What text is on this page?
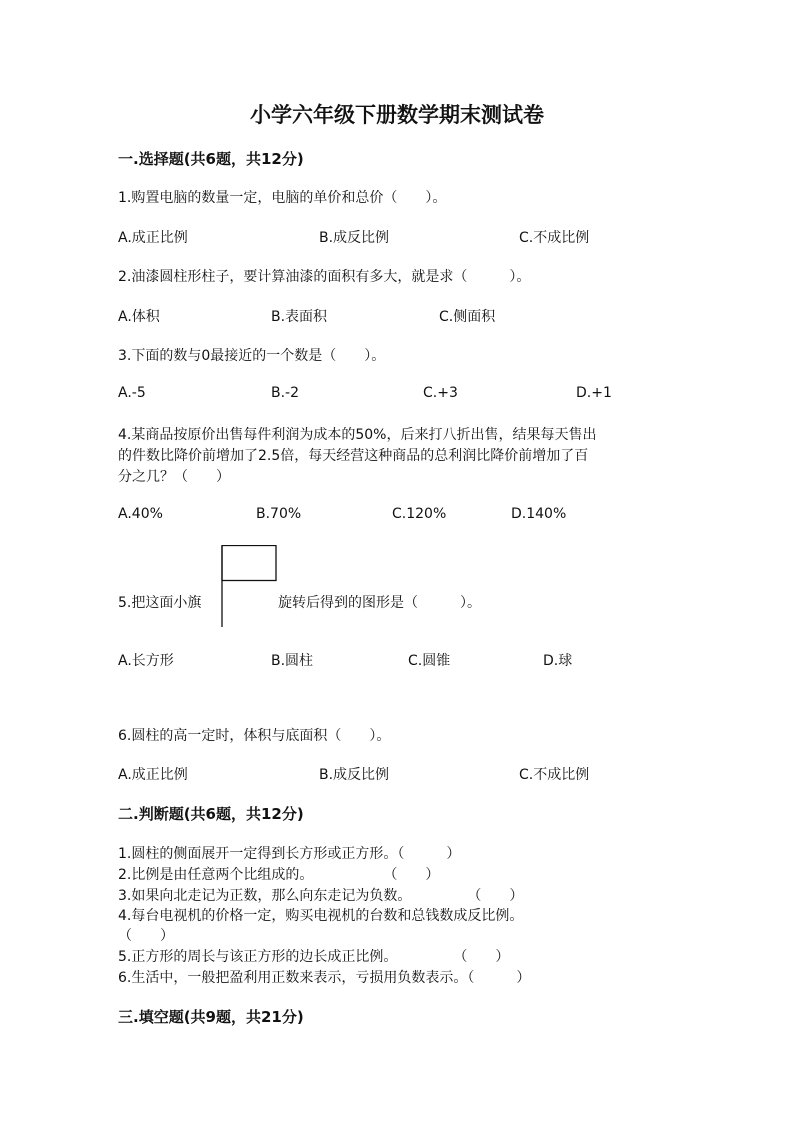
小学六年级下册数学期末测试卷
一.选择题(共6题，共12分)
1.购置电脑的数量一定，电脑的单价和总价（　　）。
A.成正比例	B.成反比例	C.不成比例
2.油漆圆柱形柱子，要计算油漆的面积有多大，就是求（　　　）。
A.体积	B.表面积	C.侧面积
3.下面的数与0最接近的一个数是（　　）。
A.-5	B.-2	C.+3	D.+1
4.某商品按原价出售每件利润为成本的50%，后来打八折出售，结果每天售出
的件数比降价前增加了2.5倍，每天经营这种商品的总利润比降价前增加了百
分之几？（　　）
A.40%	B.70%	C.120%	D.140%
5.把这面小旗	旋转后得到的图形是（　　　）。
A.长方形	B.圆柱	C.圆锥	D.球
6.圆柱的高一定时，体积与底面积（　　）。
A.成正比例	B.成反比例	C.不成比例
二.判断题(共6题，共12分)
1.圆柱的侧面展开一定得到长方形或正方形。（　　　）
2.比例是由任意两个比组成的。　　　　　　（　　）
3.如果向北走记为正数，那么向东走记为负数。　　　　　（　　）
4.每台电视机的价格一定，购买电视机的台数和总钱数成反比例。
（　　）
5.正方形的周长与该正方形的边长成正比例。　　　　　（　　）
6.生活中，一般把盈利用正数来表示，亏损用负数表示。（　　　）
三.填空题(共9题，共21分)
